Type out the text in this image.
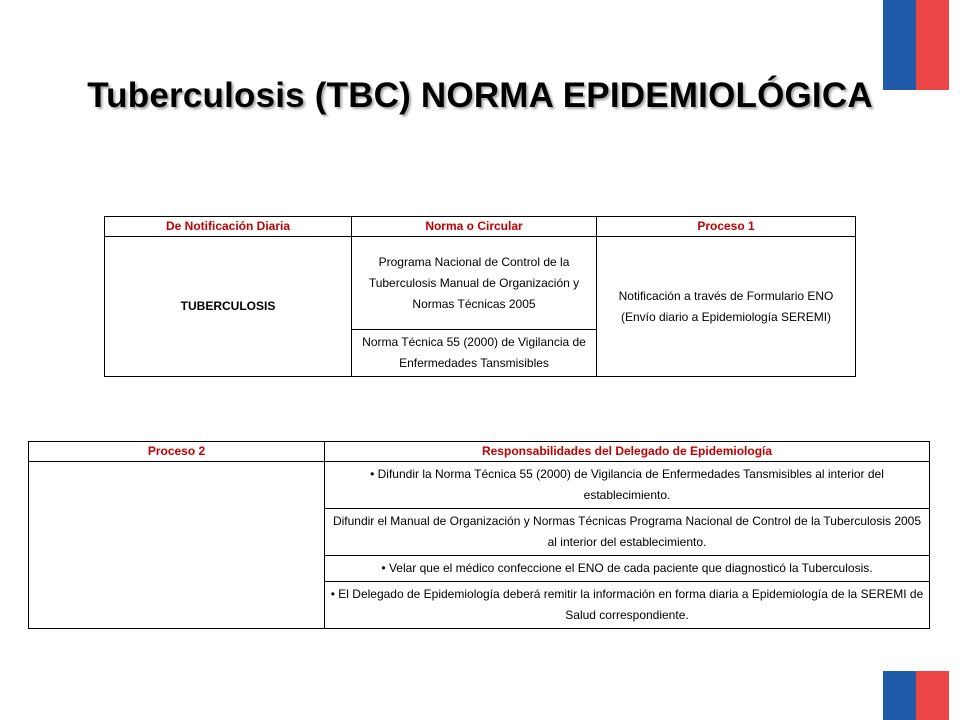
Tuberculosis (TBC) NORMA EPIDEMIOLÓGICA
De Notificación Diaria	Norma o Circular	Proceso 1
TUBERCULOSIS	Programa Nacional de Control de la Tuberculosis Manual de Organización y Normas Técnicas 2005	Notificación a través de Formulario ENO (Envío diario a Epidemiología SEREMI)
	Norma Técnica 55 (2000) de Vigilancia de Enfermedades Tansmisibles	
Proceso 2	Responsabilidades del Delegado de Epidemiología
	• Difundir la Norma Técnica 55 (2000) de Vigilancia de Enfermedades Tansmisibles al interior del establecimiento.
	Difundir el Manual de Organización y Normas Técnicas Programa Nacional de Control de la Tuberculosis 2005 al interior del establecimiento.
	• Velar que el médico confeccione el ENO de cada paciente que diagnosticó la Tuberculosis.
	• El Delegado de Epidemiología deberá remitir la información en forma diaria a Epidemiología de la SEREMI de Salud correspondiente.
